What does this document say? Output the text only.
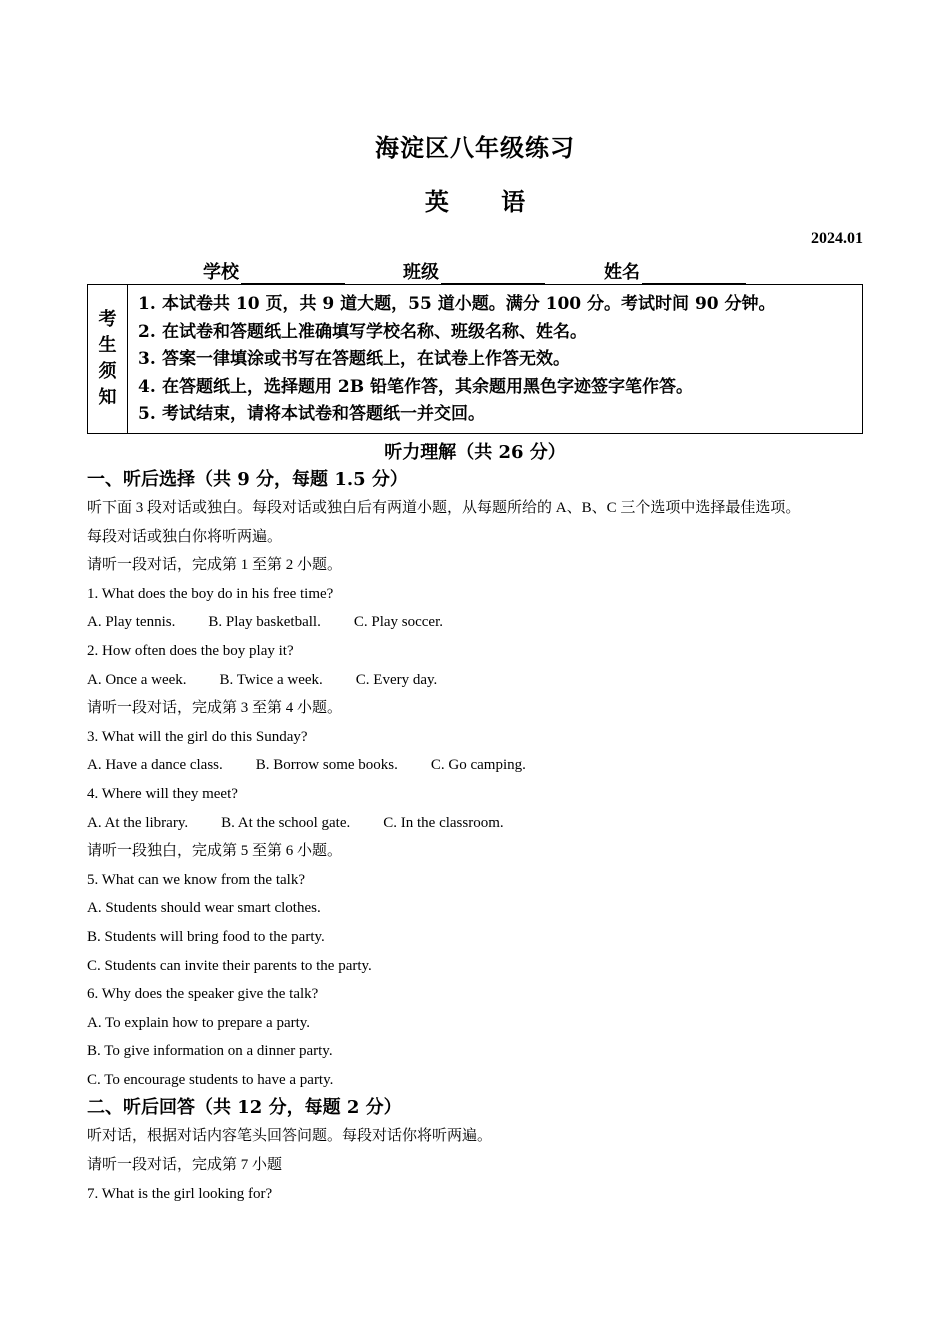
海淀区八年级练习
英 语
2024.01
学校	班级	姓名
考
生
须
知
1. 本试卷共 10 页，共 9 道大题，55 道小题。满分 100 分。考试时间 90 分钟。
2. 在试卷和答题纸上准确填写学校名称、班级名称、姓名。
3. 答案一律填涂或书写在答题纸上，在试卷上作答无效。
4. 在答题纸上，选择题用 2B 铅笔作答，其余题用黑色字迹签字笔作答。
5. 考试结束，请将本试卷和答题纸一并交回。
听力理解（共 26 分）
一、听后选择（共 9 分，每题 1.5 分）
听下面 3 段对话或独白。每段对话或独白后有两道小题，从每题所给的 A、B、C 三个选项中选择最佳选项。
每段对话或独白你将听两遍。
请听一段对话，完成第 1 至第 2 小题。
1. What does the boy do in his free time?
A. Play tennis. B. Play basketball. C. Play soccer.
2. How often does the boy play it?
A. Once a week. B. Twice a week. C. Every day.
请听一段对话，完成第 3 至第 4 小题。
3. What will the girl do this Sunday?
A. Have a dance class. B. Borrow some books. C. Go camping.
4. Where will they meet?
A. At the library. B. At the school gate. C. In the classroom.
请听一段独白，完成第 5 至第 6 小题。
5. What can we know from the talk?
A. Students should wear smart clothes.
B. Students will bring food to the party.
C. Students can invite their parents to the party.
6. Why does the speaker give the talk?
A. To explain how to prepare a party.
B. To give information on a dinner party.
C. To encourage students to have a party.
二、听后回答（共 12 分，每题 2 分）
听对话，根据对话内容笔头回答问题。每段对话你将听两遍。
请听一段对话，完成第 7 小题
7. What is the girl looking for?
